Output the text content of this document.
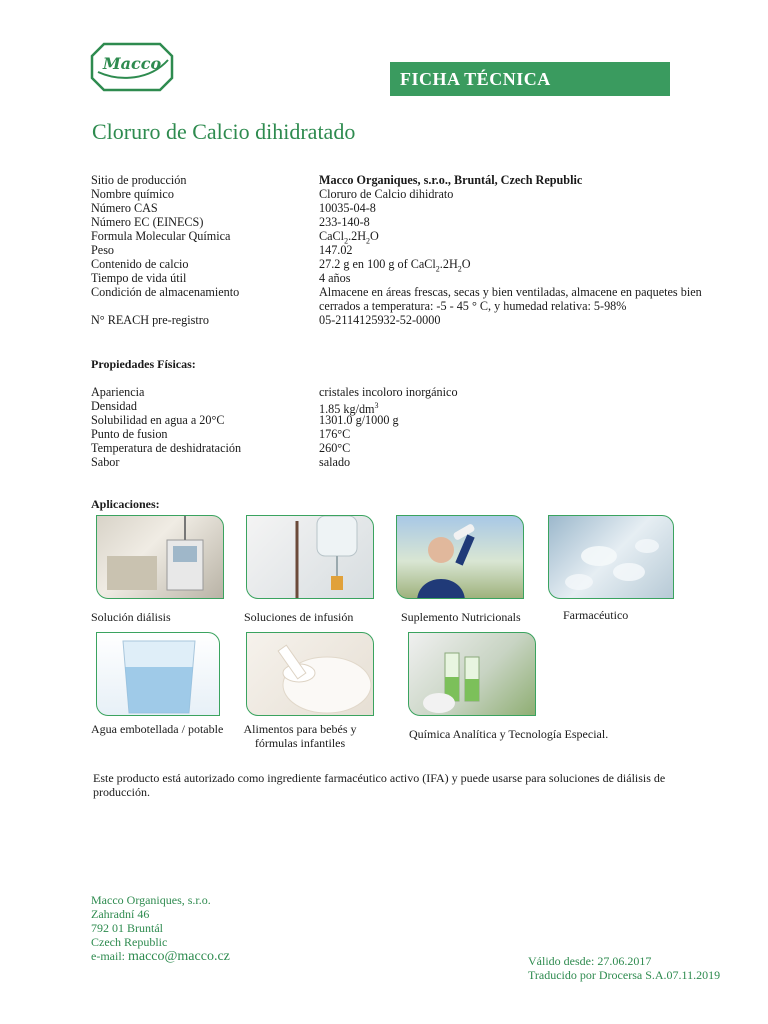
Macco
FICHA TÉCNICA
Cloruro de Calcio dihidratado
Sitio de producción	Macco Organiques, s.r.o., Bruntál, Czech Republic
Nombre químico	Cloruro de Calcio dihidrato
Número CAS	10035-04-8
Número EC (EINECS)	233-140-8
Formula Molecular Química	$CaCl_2.2H_2O$
Peso	147.02
Contenido de calcio	27.2 g en 100 g of $CaCl_2.2H_2O$
Tiempo de vida útil	4 años
Condición de almacenamiento	Almacene en áreas frescas, secas y bien ventiladas, almacene en paquetes bien cerrados a temperatura: -5 - 45 ° C, y humedad relativa: 5-98%
N° REACH pre-registro	05-2114125932-52-0000
Propiedades Físicas:
Apariencia	cristales incoloro inorgánico
Densidad	1.85 $kg/dm^3$
Solubilidad en agua a 20°C	1301.0 g/1000 g
Punto de fusion	176°C
Temperatura de deshidratación	260°C
Sabor	salado
Aplicaciones:
Solución diálisis	Soluciones de infusión	Suplemento Nutricionals	Farmacéutico
Agua embotellada / potable	Alimentos para bebés y fórmulas infantiles
Química Analítica y Tecnología Especial.
Este producto está autorizado como ingrediente farmacéutico activo (IFA) y puede usarse para soluciones de diálisis de producción.
Macco Organiques, s.r.o.
Zahradní 46
792 01 Bruntál
Czech Republic
e-mail: macco@macco.cz	Válido desde: 27.06.2017
Traducido por Drocersa S.A.07.11.2019
